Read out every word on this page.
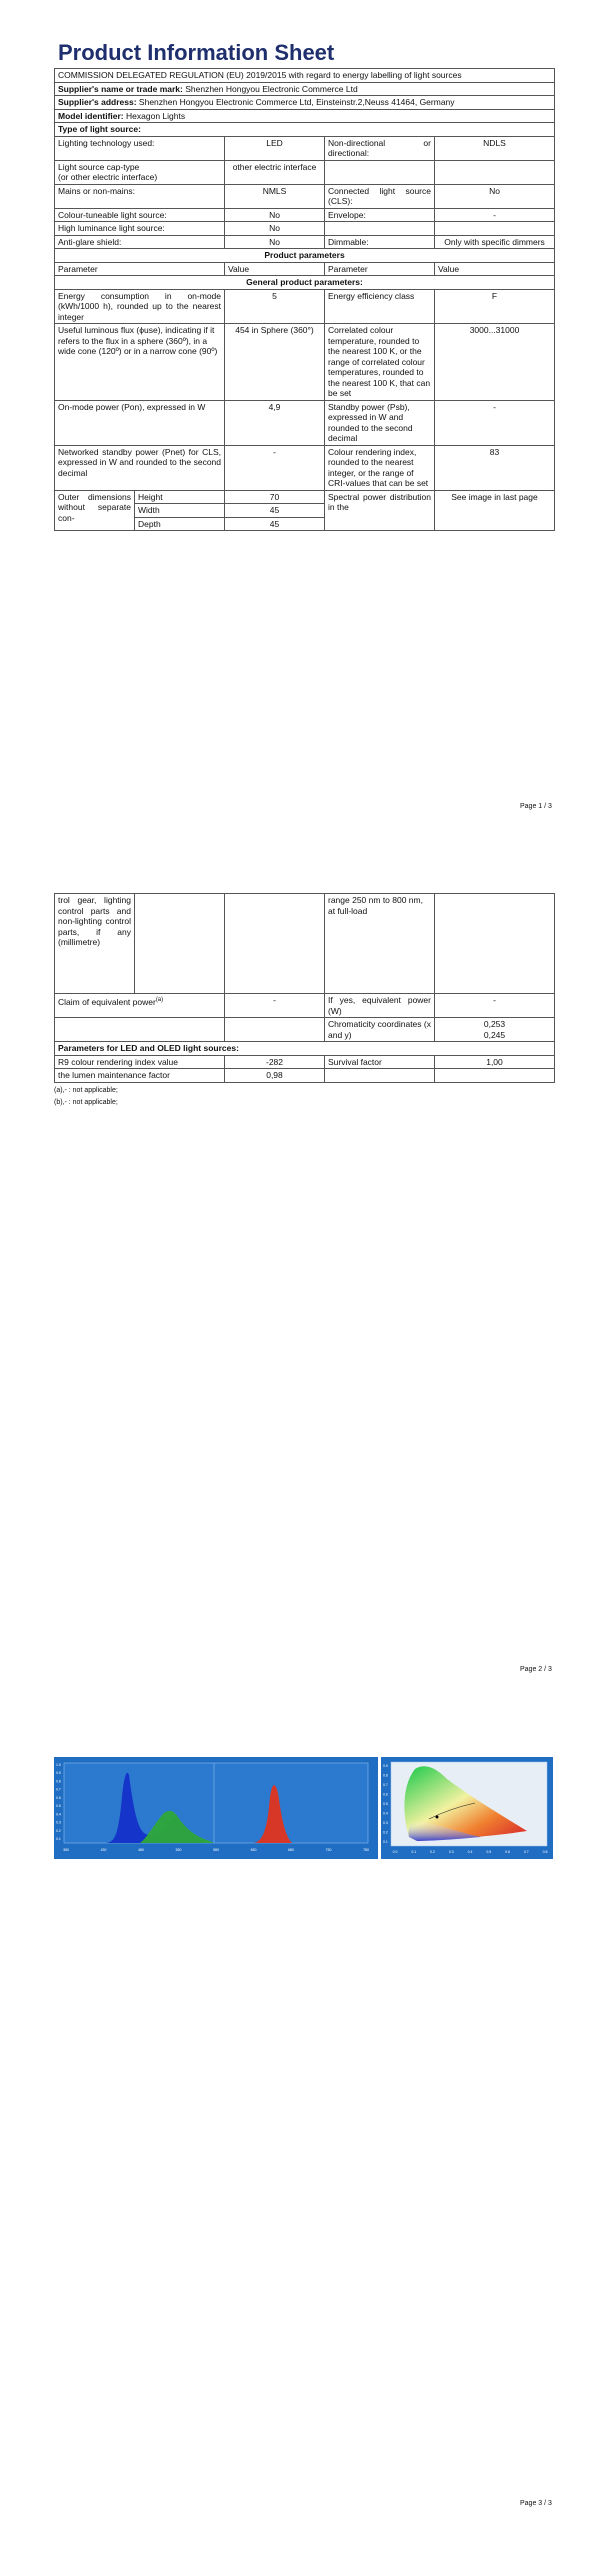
Product Information Sheet
COMMISSION DELEGATED REGULATION (EU) 2019/2015 with regard to energy labelling of light sources			
Supplier's name or trade mark: Shenzhen Hongyou Electronic Commerce Ltd			
Supplier's address: Shenzhen Hongyou Electronic Commerce Ltd, Einsteinstr.2,Neuss 41464, Germany			
Model identifier: Hexagon Lights			
Type of light source:			
Lighting technology used:	LED	Non-directional or directional:	NDLS

Light source cap-type
(or other electric interface)	other electric interface		
Mains or non-mains:	NMLS	Connected light source (CLS):	No
Colour-tuneable light source:	No	Envelope:	-
High luminance light source:	No		
Anti-glare shield:	No	Dimmable:	Only with specific dimmers
Product parameters			
Parameter	Value	Parameter	Value
General product parameters:			
Energy consumption in on-mode (kWh/1000 h), rounded up to the nearest integer	5	Energy efficiency class	F
Useful luminous flux (ϕuse), indicating if it refers to the flux in a sphere (360º), in a wide cone (120º) or in a narrow cone (90º)	454 in Sphere (360°)	Correlated colour temperature, rounded to the nearest 100 K, or the range of correlated colour temperatures, rounded to the nearest 100 K, that can be set	3000...31000
On-mode power (Pon), expressed in W	4,9	Standby power (Psb), expressed in W and rounded to the second decimal	-
Networked standby power (Pnet) for CLS, expressed in W and rounded to the second decimal	-	Colour rendering index, rounded to the nearest integer, or the range of CRI-values that can be set	83
Outer dimensions without separate con-	Height	70	Spectral power distribution in the	See image in last page
	Width	45		
	Depth	45		
Page 1 / 3
trol gear, lighting control parts and non-lighting control parts, if any (millimetre)			range 250 nm to 800 nm, at full-load	
Claim of equivalent power$^{(a)}$	-	If yes, equivalent power (W)	-
		Chromaticity coordinates (x and y)	0,253
0,245

Parameters for LED and OLED light sources:			
R9 colour rendering index value	-282	Survival factor	1,00
the lumen maintenance factor	0,98		
(a),- : not applicable;
(b),- : not applicable;
Page 2 / 3
1.0
0.9
0.8
0.7
0.6
0.5
0.4
0.3
0.2
0.1
380	430	480	530	580	630	680	730	780
0.9
0.8
0.7
0.6
0.5
0.4
0.3
0.2
0.1
0.0	0.1	0.2	0.3	0.4	0.5	0.6	0.7	0.8
Page 3 / 3
